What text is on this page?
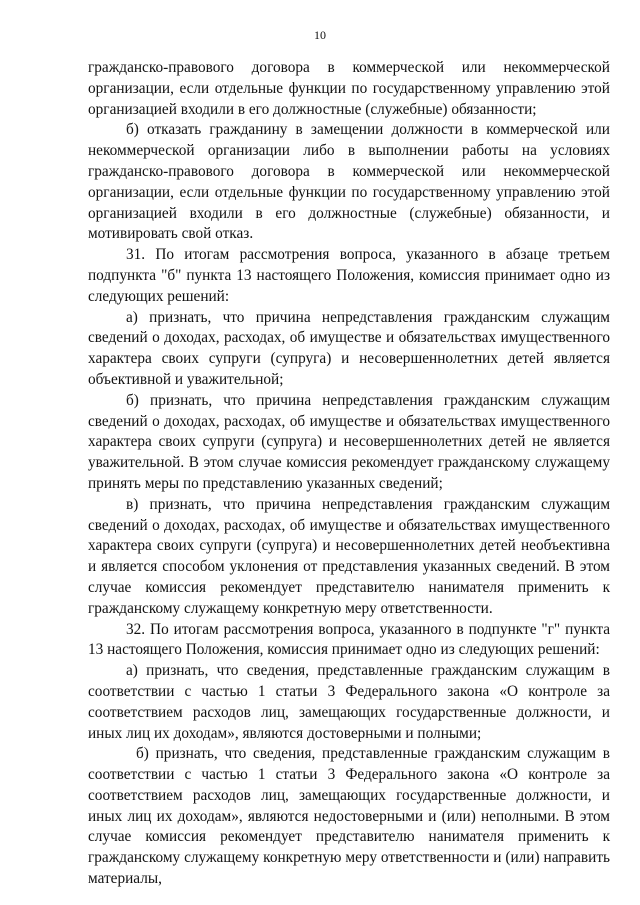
10

гражданско-правового договора в коммерческой или некоммерческой организации, если отдельные функции по государственному управлению этой организацией входили в его должностные (служебные) обязанности;

б) отказать гражданину в замещении должности в коммерческой или некоммерческой организации либо в выполнении работы на условиях гражданско-правового договора в коммерческой или некоммерческой организации, если отдельные функции по государственному управлению этой организацией входили в его должностные (служебные) обязанности, и мотивировать свой отказ.

31. По итогам рассмотрения вопроса, указанного в абзаце третьем подпункта "б" пункта 13 настоящего Положения, комиссия принимает одно из следующих решений:

а) признать, что причина непредставления гражданским служащим сведений о доходах, расходах, об имуществе и обязательствах имущественного характера своих супруги (супруга) и несовершеннолетних детей является объективной и уважительной;

б) признать, что причина непредставления гражданским служащим сведений о доходах, расходах, об имуществе и обязательствах имущественного характера своих супруги (супруга) и несовершеннолетних детей не является уважительной. В этом случае комиссия рекомендует гражданскому служащему принять меры по представлению указанных сведений;

в) признать, что причина непредставления гражданским служащим сведений о доходах, расходах, об имуществе и обязательствах имущественного характера своих супруги (супруга) и несовершеннолетних детей необъективна и является способом уклонения от представления указанных сведений. В этом случае комиссия рекомендует представителю нанимателя применить к гражданскому служащему конкретную меру ответственности.

32. По итогам рассмотрения вопроса, указанного в подпункте "г" пункта 13 настоящего Положения, комиссия принимает одно из следующих решений:

а) признать, что сведения, представленные гражданским служащим в соответствии с частью 1 статьи 3 Федерального закона «О контроле за соответствием расходов лиц, замещающих государственные должности, и иных лиц их доходам», являются достоверными и полными;

б) признать, что сведения, представленные гражданским служащим в соответствии с частью 1 статьи 3 Федерального закона «О контроле за соответствием расходов лиц, замещающих государственные должности, и иных лиц их доходам», являются недостоверными и (или) неполными. В этом случае комиссия рекомендует представителю нанимателя применить к гражданскому служащему конкретную меру ответственности и (или) направить материалы,
